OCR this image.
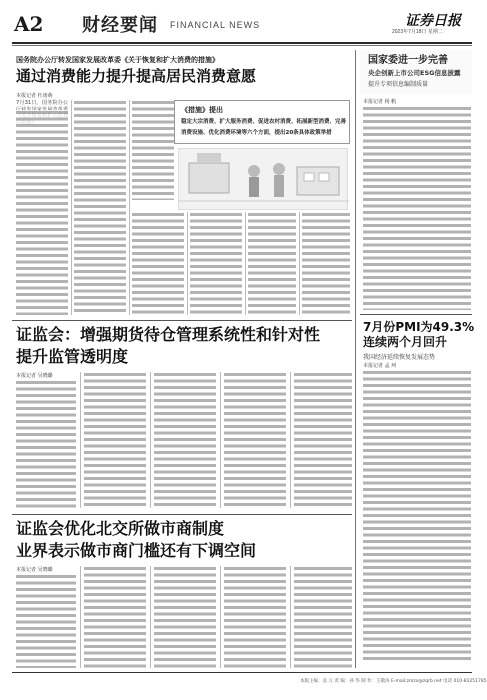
A2 财经要闻 FINANCIAL NEWS	证券日报
2023年7月18日 星期二
国务院办公厅转发国家发展改革委《关于恢复和扩大消费的措施》
通过消费能力提升提高居民消费意愿
本报记者 杜雨萌
7月31日，国务院办公
《措施》提出
稳定大宗消费、扩大服务消费、促进农村消费、拓展新型消费、完善
消费设施、优化消费环境等六个方面，提出20条具体政策举措
国家委进一步完善
央企创新上市公司ESG信息披露
提升专项信息编制质量
本报记者 杨 帆
7月份PMI为49.3%
连续两个月回升
我国经济延续恢复发展态势
本报记者 孟 珂
证监会：增强期货待仓管理系统性和针对性
提升监管透明度
本报记者 吴晓璐
证监会优化北交所做市商制度
业界表示做市商门槛还有下调空间
本报记者 吴晓璐
本版主编：袁 元 责 编：孙 华 制 作：王敬涛 E-mail:zmzx@zqrb.net 电话 010-83251785
